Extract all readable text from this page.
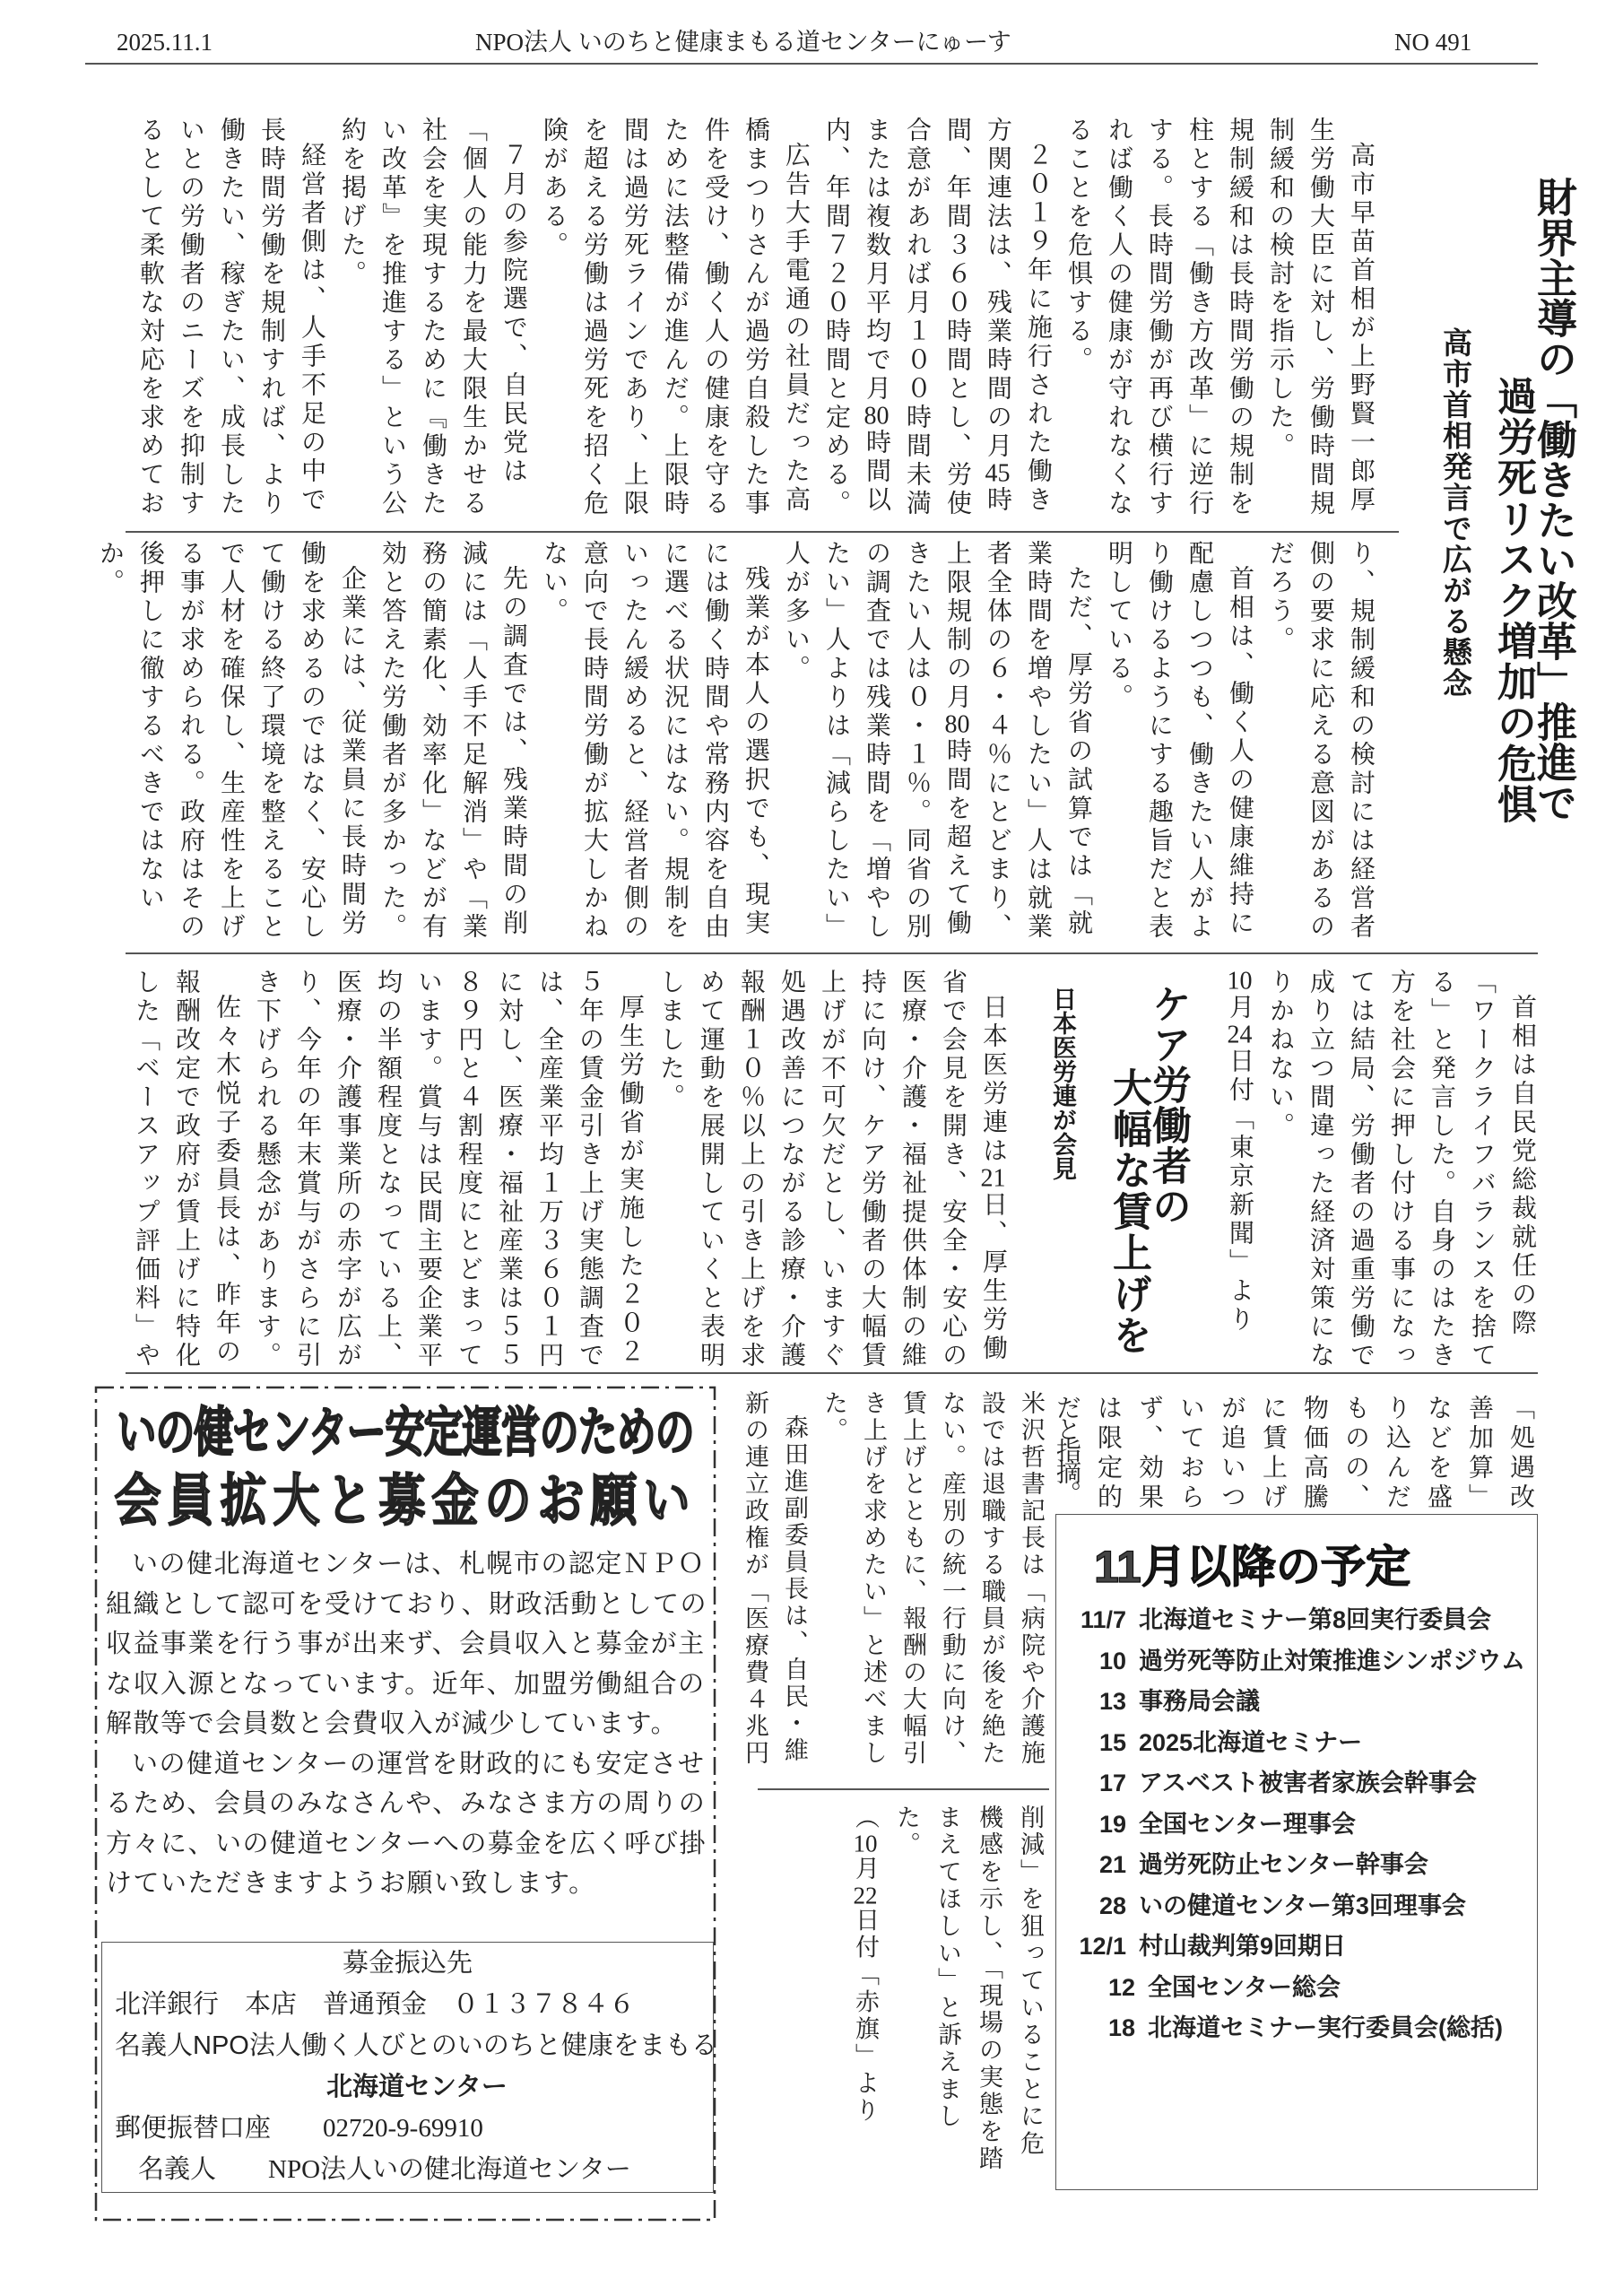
2025.11.1	NPO法人 いのちと健康まもる道センターにゅーす	NO 491
財界主導の「働きたい改革」推進で
過労死リスク増加の危惧
高市首相発言で広がる懸念

高市早苗首相が上野賢一郎厚生労働大臣に対し、労働時間規制緩和の検討を指示した。

規制緩和は長時間労働の規制を柱とする「働き方改革」に逆行する。長時間労働が再び横行すれば働く人の健康が守れなくなることを危惧する。

２０１９年に施行された働き方関連法は、残業時間の月45時間、年間３６０時間とし、労使合意があれば月１００時間未満または複数月平均で月80時間以内、年間７２０時間と定める。

広告大手電通の社員だった高橋まつりさんが過労自殺した事件を受け、働く人の健康を守るために法整備が進んだ。上限時間は過労死ラインであり、上限を超える労働は過労死を招く危険がある。

７月の参院選で、自民党は「個人の能力を最大限生かせる社会を実現するために『働きたい改革』を推進する」という公約を掲げた。

経営者側は、人手不足の中で長時間労働を規制すれば、より働きたい、稼ぎたい、成長したいとの労働者のニーズを抑制するとして柔軟な対応を求めてお

り、規制緩和の検討には経営者側の要求に応える意図があるのだろう。

首相は、働く人の健康維持に配慮しつつも、働きたい人がより働けるようにする趣旨だと表明している。

ただ、厚労省の試算では「就業時間を増やしたい」人は就業者全体の６・４％にとどまり、上限規制の月80時間を超えて働きたい人は０・１％。同省の別の調査では残業時間を「増やしたい」人よりは「減らしたい」人が多い。

残業が本人の選択でも、現実には働く時間や常務内容を自由に選べる状況にはない。規制をいったん緩めると、経営者側の意向で長時間労働が拡大しかねない。

先の調査では、残業時間の削減には「人手不足解消」や「業務の簡素化、効率化」などが有効と答えた労働者が多かった。

企業には、従業員に長時間労働を求めるのではなく、安心して働ける終了環境を整えることで人材を確保し、生産性を上げる事が求められる。政府はその後押しに徹するべきではないか。

首相は自民党総裁就任の際「ワークライフバランスを捨てる」と発言した。自身のはたき方を社会に押し付ける事になっては結局、労働者の過重労働で成り立つ間違った経済対策になりかねない。

10月24日付「東京新聞」より

ケア労働者の
大幅な賃上げを
日本医労連が会見

日本医労連は21日、厚生労働省で会見を開き、安全・安心の医療・介護・福祉提供体制の維持に向け、ケア労働者の大幅賃上げが不可欠だとし、いますぐ処遇改善につながる診療・介護報酬１０％以上の引き上げを求めて運動を展開していくと表明しました。

厚生労働省が実施した２０２５年の賃金引き上げ実態調査では、全産業平均１万３６０１円に対し、医療・福祉産業は５５８９円と４割程度にとどまっています。賞与は民間主要企業平均の半額程度となっている上、医療・介護事業所の赤字が広がり、今年の年末賞与がさらに引き下げられる懸念があります。

佐々木悦子委員長は、昨年の報酬改定で政府が賃上げに特化した「ベースアップ評価料」や

「処遇改
善加算」
などを盛
り込んだ
ものの、
物価高騰
に賃上げ
が追いつ
いておら
ず、効果
は限定的
だと指摘。

米沢哲書記長は「病院や介護施設では退職する職員が後を絶たない。産別の統一行動に向け、賃上げとともに、報酬の大幅引き上げを求めたい」と述べました。

森田進副委員長は、自民・維新の連立政権が「医療費４兆円

削減」を狙っていることに危機感を示し、「現場の実態を踏まえてほしい」と訴えました。

（10月22日付「赤旗」より

いの健センター安定運営のための
会員拡大と募金のお願い

いの健北海道センターは、札幌市の認定ＮＰＯ組織として認可を受けており、財政活動としての収益事業を行う事が出来ず、会員収入と募金が主な収入源となっています。近年、加盟労働組合の解散等で会員数と会費収入が減少しています。

いの健道センターの運営を財政的にも安定させるため、会員のみなさんや、みなさま方の周りの方々に、いの健道センターへの募金を広く呼び掛けていただきますようお願い致します。

募金振込先
北洋銀行　本店　普通預金　０１３７８４６
名義人NPO法人働く人びとのいのちと健康をまもる
北海道センター
郵便振替口座　　02720-9-69910
名義人　　NPO法人いの健北海道センター
11月以降の予定
11/7 北海道セミナー第8回実行委員会
10 過労死等防止対策推進シンポジウム
13 事務局会議
15 2025北海道セミナー
17 アスベスト被害者家族会幹事会
19 全国センター理事会
21 過労死防止センター幹事会
28 いの健道センター第3回理事会
12/1 村山裁判第9回期日
12 全国センター総会
18 北海道セミナー実行委員会(総括)
